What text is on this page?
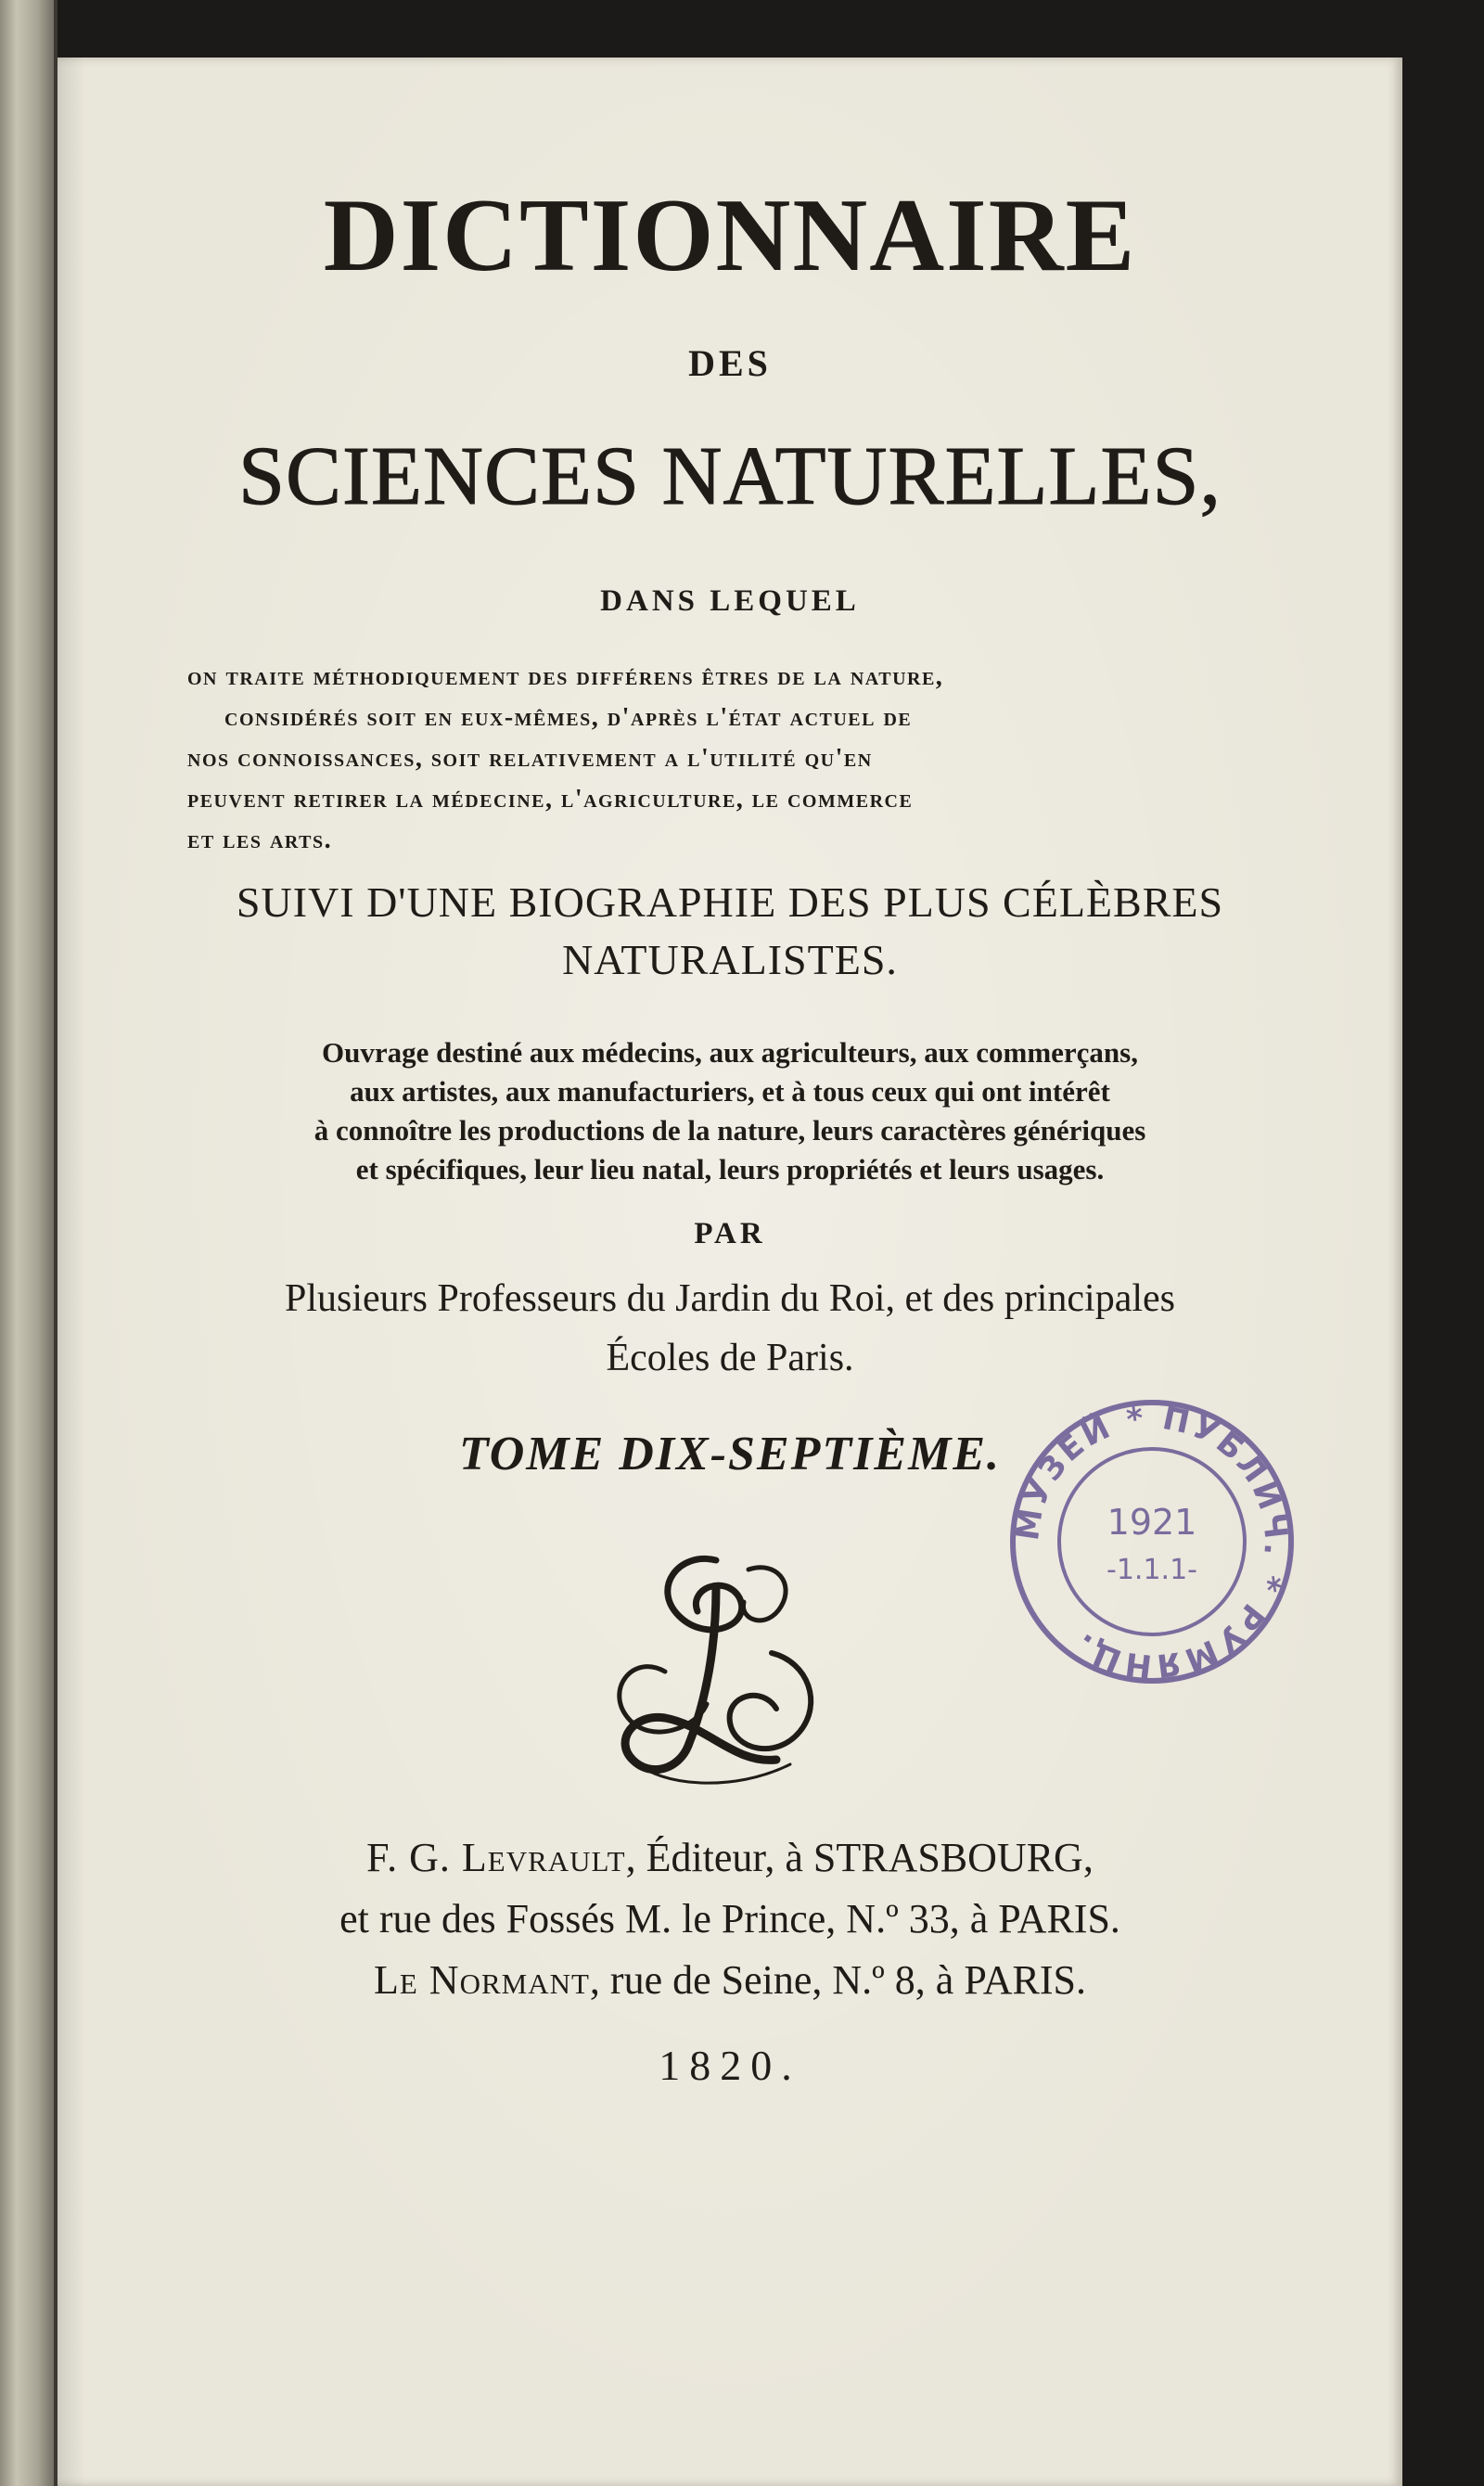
DICTIONNAIRE

DES

SCIENCES NATURELLES,

DANS LEQUEL

on traite méthodiquement des différens êtres de la nature,
considérés soit en eux-mêmes, d'après l'état actuel de
nos connoissances, soit relativement a l'utilité qu'en
peuvent retirer la médecine, l'agriculture, le commerce
et les arts.
SUIVI D'UNE BIOGRAPHIE DES PLUS CÉLÈBRES
NATURALISTES.
Ouvrage destiné aux médecins, aux agriculteurs, aux commerçans,
aux artistes, aux manufacturiers, et à tous ceux qui ont intérêt
à connoître les productions de la nature, leurs caractères génériques
et spécifiques, leur lieu natal, leurs propriétés et leurs usages.

PAR

Plusieurs Professeurs du Jardin du Roi, et des principales
Écoles de Paris.

TOME DIX-SEPTIÈME.

МУЗЕЙ * ПУБЛИЧ. * РУМЯНЦ.
1921
-1.1.1-
F. G. Levrault, Éditeur, à STRASBOURG,
et rue des Fossés M. le Prince, N.º 33, à PARIS.
Le Normant, rue de Seine, N.º 8, à PARIS.

1820.
